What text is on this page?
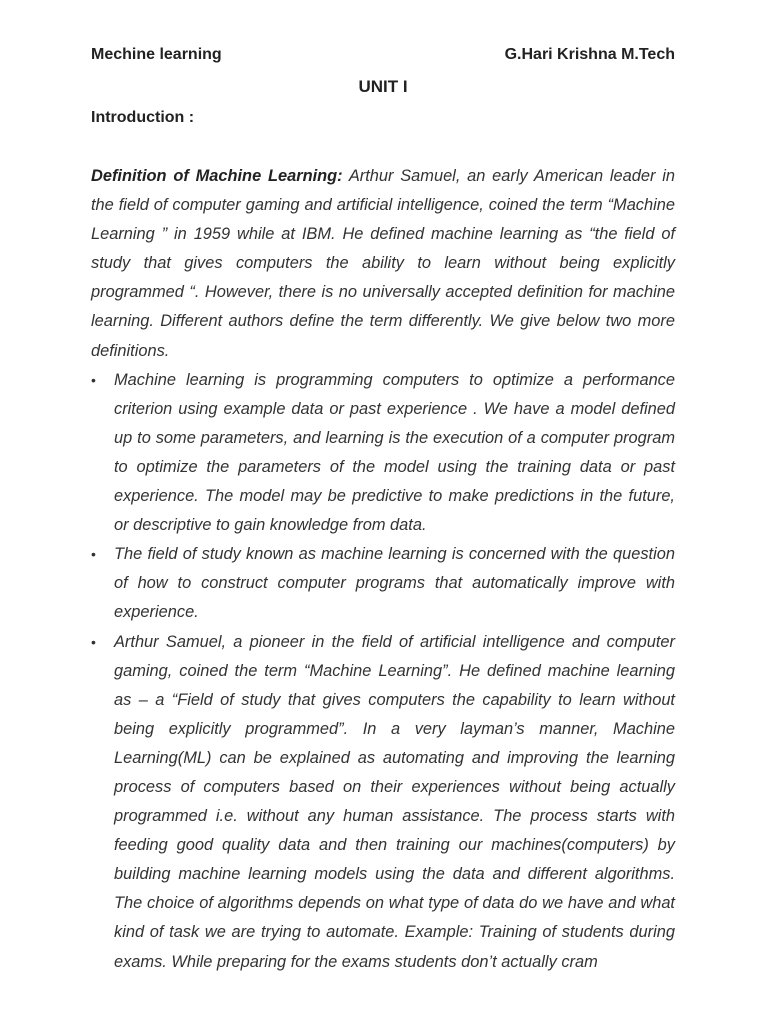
Mechine learning	G.Hari Krishna M.Tech
UNIT I
Introduction :

Definition of Machine Learning: Arthur Samuel, an early American leader in the field of computer gaming and artificial intelligence, coined the term “Machine Learning ” in 1959 while at IBM. He defined machine learning as “the field of study that gives computers the ability to learn without being explicitly programmed “. However, there is no universally accepted definition for machine learning. Different authors define the term differently. We give below two more definitions.

• Machine learning is programming computers to optimize a performance criterion using example data or past experience . We have a model defined up to some parameters, and learning is the execution of a computer program to optimize the parameters of the model using the training data or past experience. The model may be predictive to make predictions in the future, or descriptive to gain knowledge from data.
• The field of study known as machine learning is concerned with the question of how to construct computer programs that automatically improve with experience.
• Arthur Samuel, a pioneer in the field of artificial intelligence and computer gaming, coined the term “Machine Learning”. He defined machine learning as – a “Field of study that gives computers the capability to learn without being explicitly programmed”. In a very layman’s manner, Machine Learning(ML) can be explained as automating and improving the learning process of computers based on their experiences without being actually programmed i.e. without any human assistance. The process starts with feeding good quality data and then training our machines(computers) by building machine learning models using the data and different algorithms. The choice of algorithms depends on what type of data do we have and what kind of task we are trying to automate. Example: Training of students during exams. While preparing for the exams students don’t actually cram
